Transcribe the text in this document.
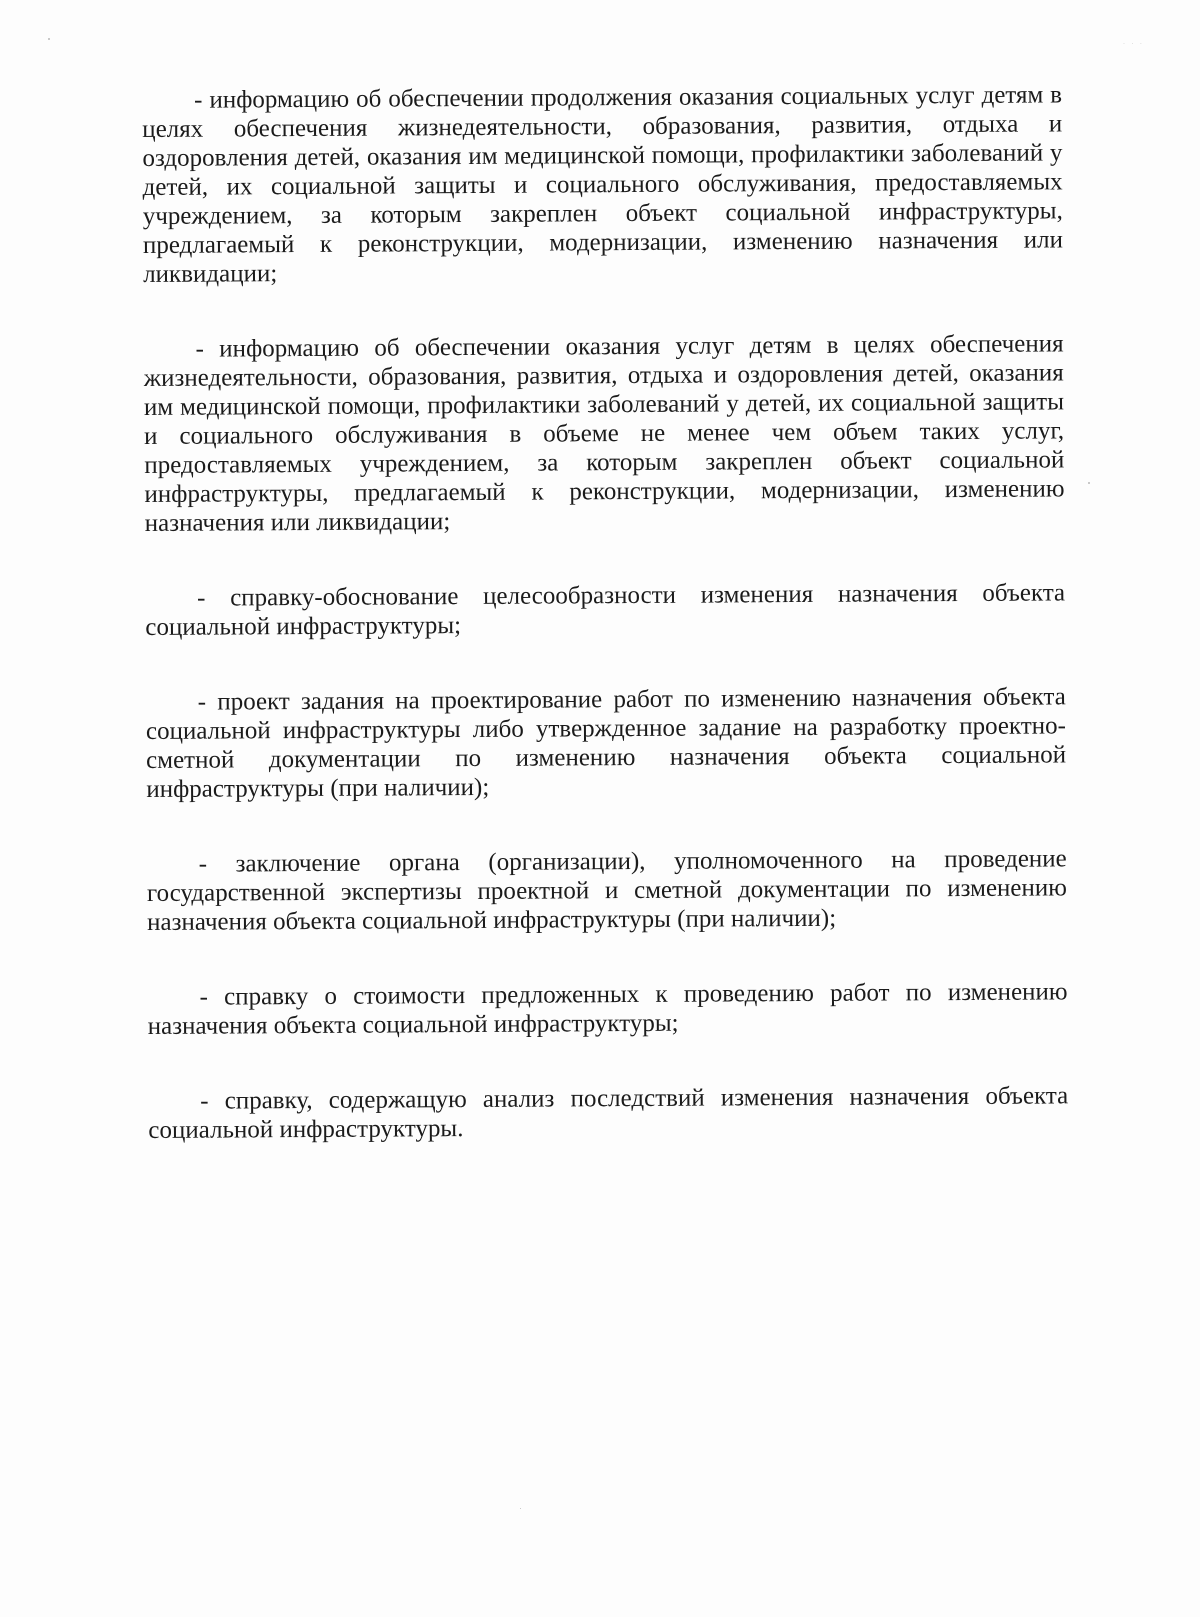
· · ·

- информацию об обеспечении продолжения оказания социальных услуг детям в целях обеспечения жизнедеятельности, образования, развития, отдыха и оздоровления детей, оказания им медицинской помощи, профилактики заболеваний у детей, их социальной защиты и социального обслуживания, предоставляемых учреждением, за которым закреплен объект социальной инфраструктуры, предлагаемый к реконструкции, модернизации, изменению назначения или ликвидации;

- информацию об обеспечении оказания услуг детям в целях обеспечения жизнедеятельности, образования, развития, отдыха и оздоровления детей, оказания им медицинской помощи, профилактики заболеваний у детей, их социальной защиты и социального обслуживания в объеме не менее чем объем таких услуг, предоставляемых учреждением, за которым закреплен объект социальной инфраструктуры, предлагаемый к реконструкции, модернизации, изменению назначения или ликвидации;

- справку-обоснование целесообразности изменения назначения объекта социальной инфраструктуры;

- проект задания на проектирование работ по изменению назначения объекта социальной инфраструктуры либо утвержденное задание на разработку проектно-сметной документации по изменению назначения объекта социальной инфраструктуры (при наличии);

- заключение органа (организации), уполномоченного на проведение государственной экспертизы проектной и сметной документации по изменению назначения объекта социальной инфраструктуры (при наличии);

- справку о стоимости предложенных к проведению работ по изменению назначения объекта социальной инфраструктуры;

- справку, содержащую анализ последствий изменения назначения объекта социальной инфраструктуры.
